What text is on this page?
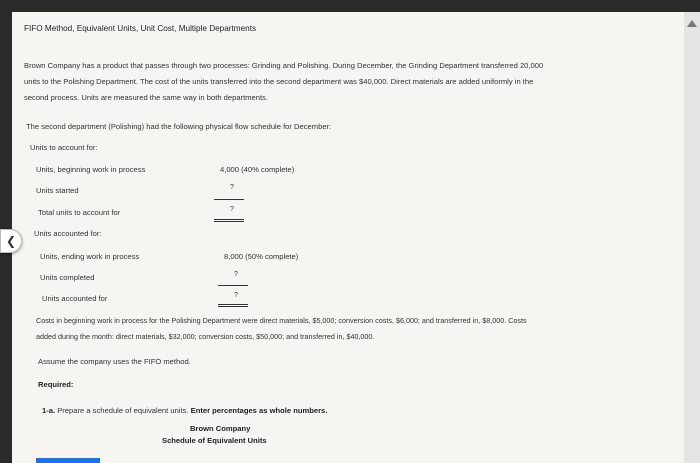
FIFO Method, Equivalent Units, Unit Cost, Multiple Departments
Brown Company has a product that passes through two processes: Grinding and Polishing. During December, the Grinding Department transferred 20,000
units to the Polishing Department. The cost of the units transferred into the second department was $40,000. Direct materials are added uniformly in the
second process. Units are measured the same way in both departments.
The second department (Polishing) had the following physical flow schedule for December:
Units to account for:
Units, beginning work in process	4,000 (40% complete)
Units started	?
Total units to account for	?
Units accounted for:
Units, ending work in process	8,000 (50% complete)
Units completed	?
Units accounted for	?
Costs in beginning work in process for the Polishing Department were direct materials, $5,000; conversion costs, $6,000; and transferred in, $8,000. Costs
added during the month: direct materials, $32,000; conversion costs, $50,000; and transferred in, $40,000.
Assume the company uses the FIFO method.
Required:
1-a. Prepare a schedule of equivalent units. Enter percentages as whole numbers.
Brown Company
Schedule of Equivalent Units
❮
